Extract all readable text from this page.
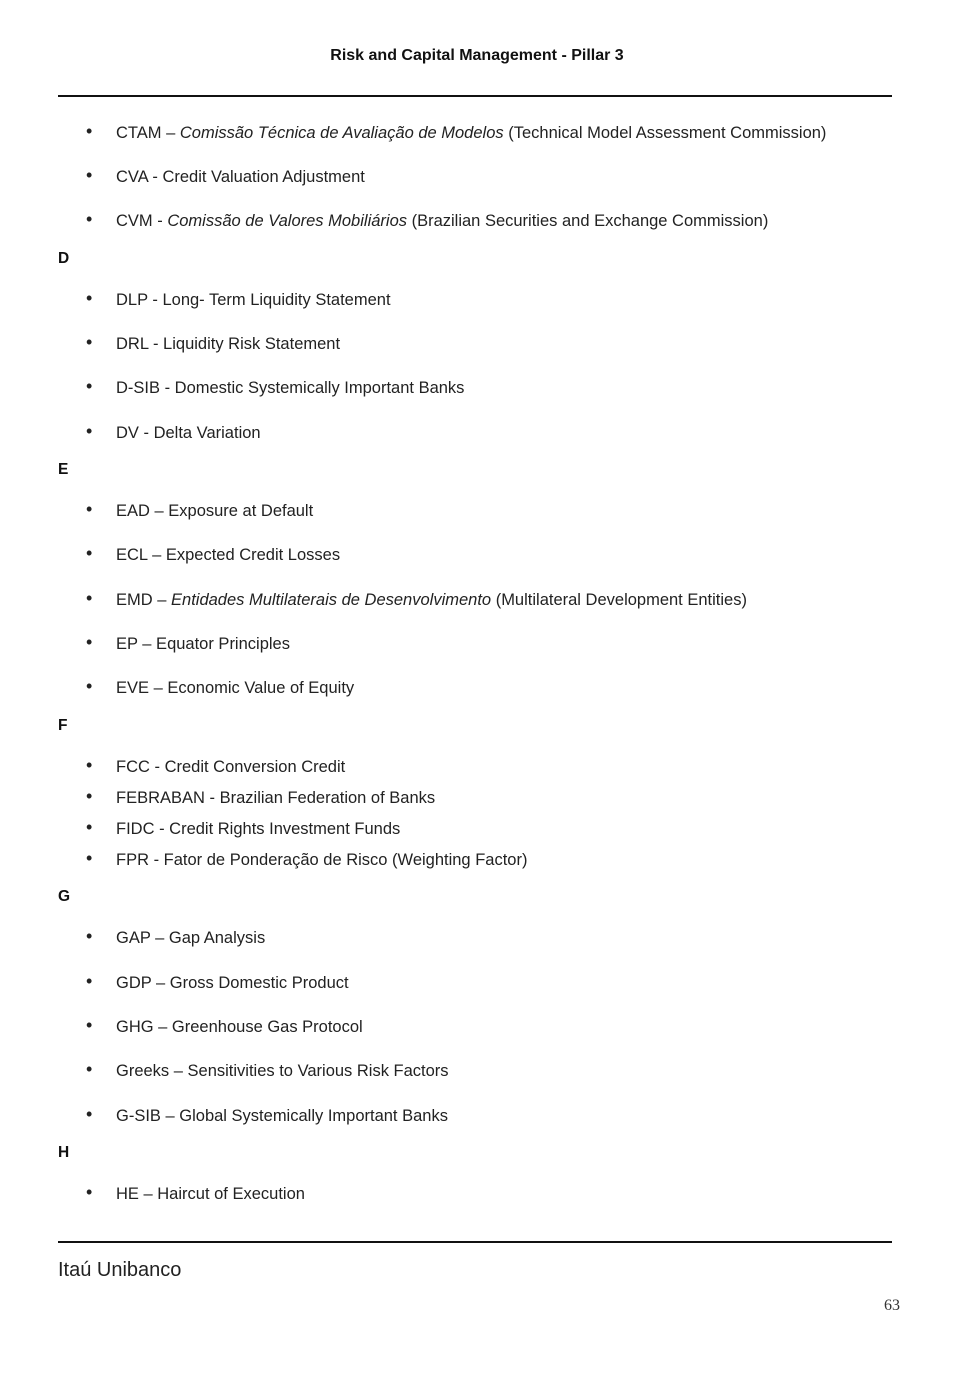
Risk and Capital Management - Pillar 3
• CTAM – Comissão Técnica de Avaliação de Modelos (Technical Model Assessment Commission)
• CVA - Credit Valuation Adjustment
• CVM - Comissão de Valores Mobiliários (Brazilian Securities and Exchange Commission)
D
• DLP - Long- Term Liquidity Statement
• DRL - Liquidity Risk Statement
• D-SIB - Domestic Systemically Important Banks
• DV - Delta Variation
E
• EAD – Exposure at Default
• ECL – Expected Credit Losses
• EMD – Entidades Multilaterais de Desenvolvimento (Multilateral Development Entities)
• EP – Equator Principles
• EVE – Economic Value of Equity
F
• FCC - Credit Conversion Credit
• FEBRABAN - Brazilian Federation of Banks
• FIDC - Credit Rights Investment Funds
• FPR - Fator de Ponderação de Risco (Weighting Factor)
G
• GAP – Gap Analysis
• GDP – Gross Domestic Product
• GHG – Greenhouse Gas Protocol
• Greeks – Sensitivities to Various Risk Factors
• G-SIB – Global Systemically Important Banks
H
• HE – Haircut of Execution
Itaú Unibanco
63
